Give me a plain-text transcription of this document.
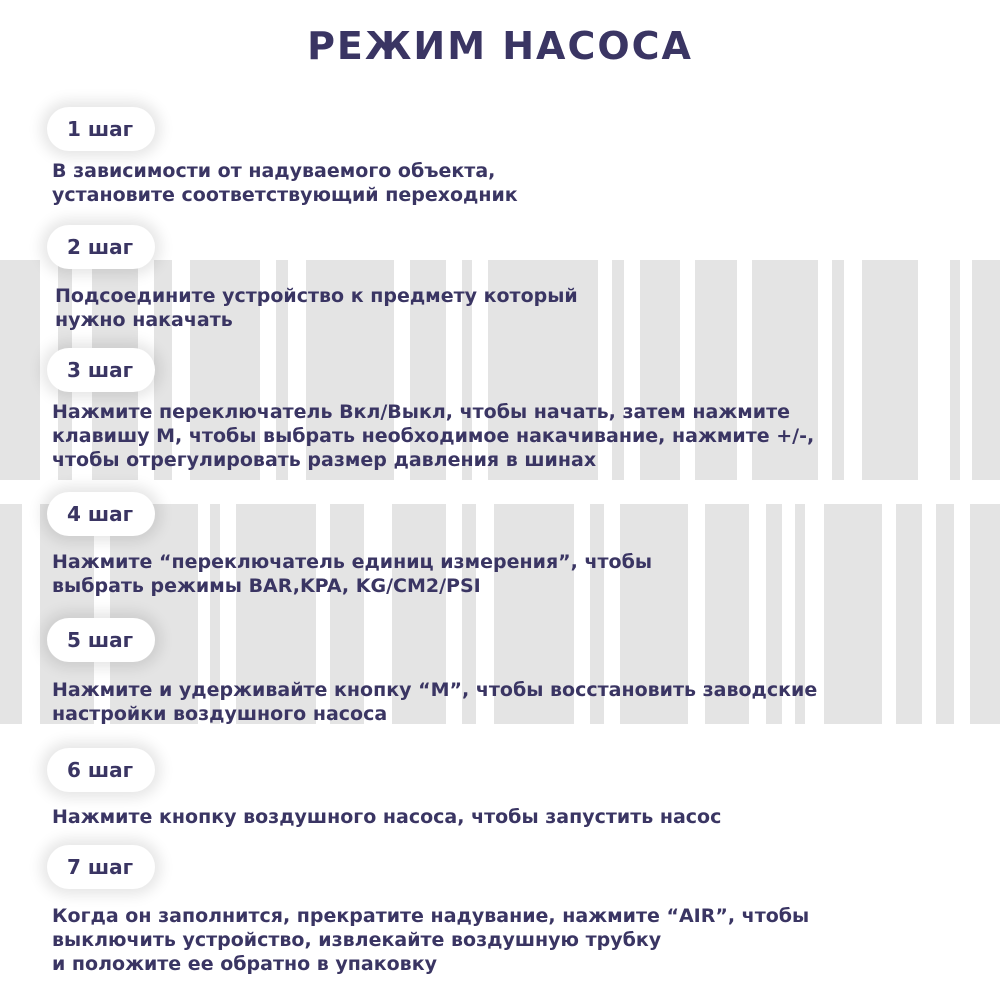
РЕЖИМ НАСОСА
1 шаг
В зависимости от надуваемого объекта,
установите соответствующий переходник
2 шаг
Подсоедините устройство к предмету который
нужно накачать
3 шаг
Нажмите переключатель Вкл/Выкл, чтобы начать, затем нажмите
клавишу М, чтобы выбрать необходимое накачивание, нажмите +/-,
чтобы отрегулировать размер давления в шинах
4 шаг
Нажмите “переключатель единиц измерения”, чтобы
выбрать режимы BAR,KPA, KG/CM2/PSI
5 шаг
Нажмите и удерживайте кнопку “M”, чтобы восстановить заводские
настройки воздушного насоса
6 шаг
Нажмите кнопку воздушного насоса, чтобы запустить насос
7 шаг
Когда он заполнится, прекратите надувание, нажмите “AIR”, чтобы
выключить устройство, извлекайте воздушную трубку
и положите ее обратно в упаковку
